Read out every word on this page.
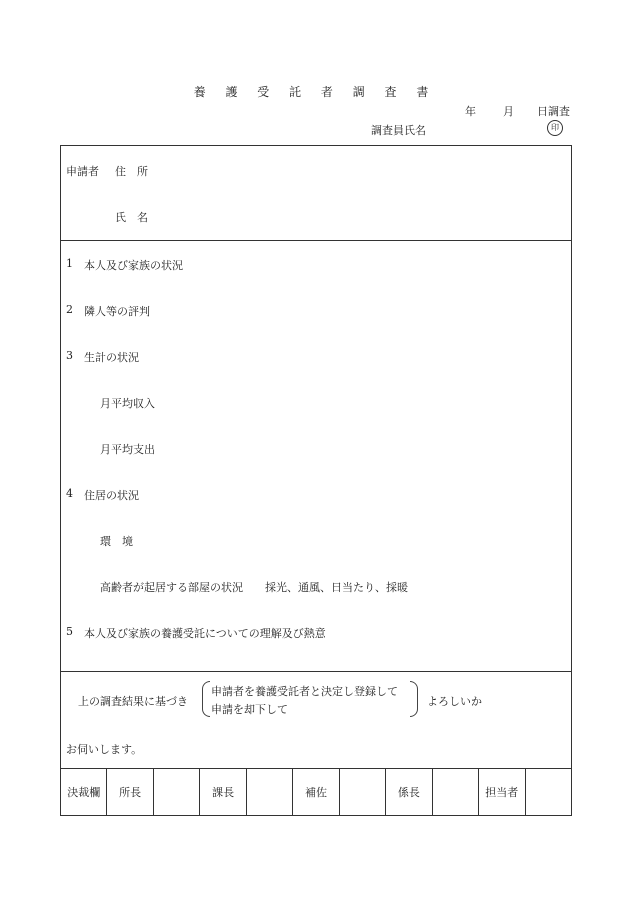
養 護 受 託 者 調 査 書
年 月 日調査
調査員氏名	印
申請者 住　所
氏　名
1 本人及び家族の状況
2 隣人等の評判
3 生計の状況
月平均収入
月平均支出
4 住居の状況
環　境
高齢者が起居する部屋の状況　　採光、通風、日当たり、採暖
5 本人及び家族の養護受託についての理解及び熱意
上の調査結果に基づき
申請者を養護受託者と決定し登録して
申請を却下して
よろしいか
お伺いします。
決裁欄	所長	課長	補佐	係長	担当者
